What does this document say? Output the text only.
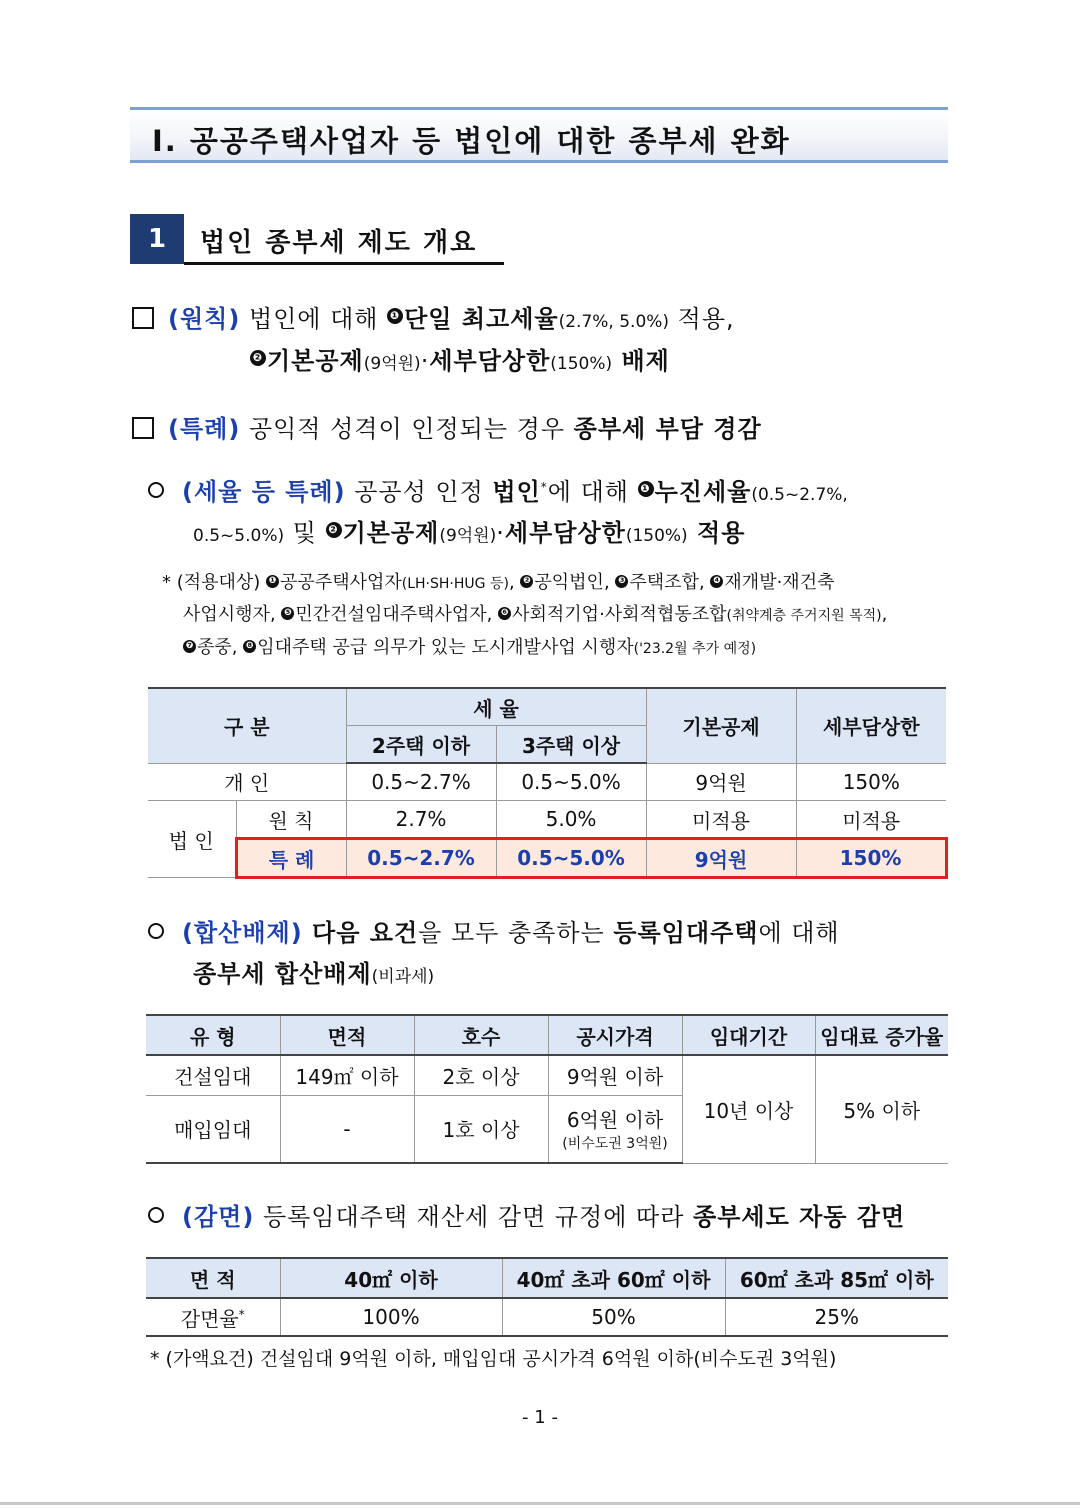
Ⅰ. 공공주택사업자 등 법인에 대한 종부세 완화
1	법인 종부세 제도 개요
(원칙) 법인에 대해 ❶ 단일 최고세율(2.7%, 5.0%) 적용,
❷ 기본공제(9억원)·세부담상한(150%) 배제
(특례) 공익적 성격이 인정되는 경우 종부세 부담 경감
(세율 등 특례) 공공성 인정 법인*에 대해 ❶ 누진세율(0.5~2.7%,
0.5~5.0%) 및 ❷ 기본공제(9억원)·세부담상한(150%) 적용
* (적용대상) ❶ 공공주택사업자(LH·SH·HUG 등), ❷ 공익법인, ❸ 주택조합, ❹ 재개발·재건축
사업시행자, ❺ 민간건설임대주택사업자, ❻ 사회적기업·사회적협동조합(취약계층 주거지원 목적),
❼ 종중, ❽ 임대주택 공급 의무가 있는 도시개발사업 시행자('23.2월 추가 예정)
구 분		세 율		기본공제	세부담상한
		2주택 이하	3주택 이상		
개 인		0.5~2.7%	0.5~5.0%	9억원	150%
법 인	원 칙	2.7%	5.0%	미적용	미적용
	특 례	0.5~2.7%	0.5~5.0%	9억원	150%
(합산배제) 다음 요건을 모두 충족하는 등록임대주택에 대해
종부세 합산배제(비과세)
유 형	면적	호수	공시가격	임대기간	임대료 증가율
건설임대	149㎡ 이하	2호 이상	9억원 이하	10년 이상	5% 이하
매입임대	-	1호 이상	6억원 이하
(비수도권 3억원)		
(감면) 등록임대주택 재산세 감면 규정에 따라 종부세도 자동 감면
면 적	40㎡ 이하	40㎡ 초과 60㎡ 이하	60㎡ 초과 85㎡ 이하
감면율*	100%	50%	25%
* (가액요건) 건설임대 9억원 이하, 매입임대 공시가격 6억원 이하(비수도권 3억원)
- 1 -
